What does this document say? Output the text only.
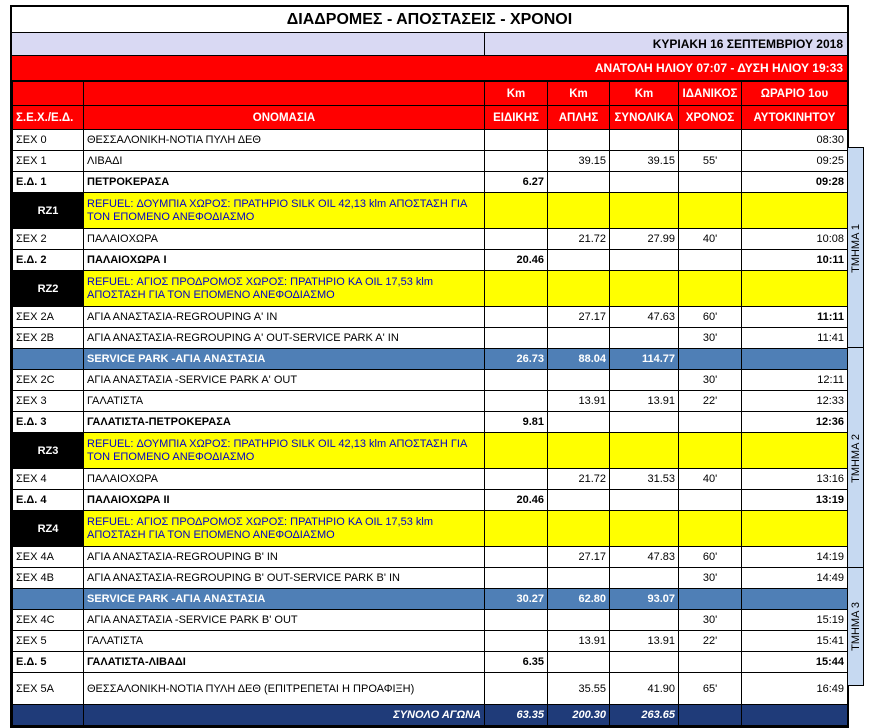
ΔΙΑΔΡΟΜΕΣ - ΑΠΟΣΤΑΣΕΙΣ - ΧΡΟΝΟΙ
ΚΥΡΙΑΚΗ 16 ΣΕΠΤΕΜΒΡΙΟΥ 2018
ΑΝΑΤΟΛΗ ΗΛΙΟΥ 07:07 - ΔΥΣΗ ΗΛΙΟΥ 19:33
		Km	Km	Km	ΙΔΑΝΙΚΟΣ	ΩΡΑΡΙΟ 1ου
Σ.Ε.Χ./Ε.Δ.	ΟΝΟΜΑΣΙΑ	ΕΙΔΙΚΗΣ	ΑΠΛΗΣ	ΣΥΝΟΛΙΚΑ	ΧΡΟΝΟΣ	ΑΥΤΟΚΙΝΗΤΟΥ
ΣΕΧ 0	ΘΕΣΣΑΛΟΝΙΚΗ-ΝΟΤΙΑ ΠΥΛΗ ΔΕΘ					08:30
ΣΕΧ 1	ΛΙΒΑΔΙ		39.15	39.15	55'	09:25
Ε.Δ. 1	ΠΕΤΡΟΚΕΡΑΣΑ	6.27				09:28
RZ1	REFUEL: ΔΟΥΜΠΙΑ ΧΩΡΟΣ: ΠΡΑΤΗΡΙΟ SILK OIL 42,13 klm ΑΠΟΣΤΑΣΗ ΓΙΑ ΤΟΝ ΕΠΟΜΕΝΟ ΑΝΕΦΟΔΙΑΣΜΟ					
ΣΕΧ 2	ΠΑΛΑΙΟΧΩΡΑ		21.72	27.99	40'	10:08
Ε.Δ. 2	ΠΑΛΑΙΟΧΩΡΑ Ι	20.46				10:11
RZ2	REFUEL: ΑΓΙΟΣ ΠΡΟΔΡΟΜΟΣ ΧΩΡΟΣ: ΠΡΑΤΗΡΙΟ ΚΑ OIL 17,53 klm ΑΠΟΣΤΑΣΗ ΓΙΑ ΤΟΝ ΕΠΟΜΕΝΟ ΑΝΕΦΟΔΙΑΣΜΟ					
ΣΕΧ 2Α	ΑΓΙΑ ΑΝΑΣΤΑΣΙΑ-REGROUPING A' IN		27.17	47.63	60'	11:11
ΣΕΧ 2Β	ΑΓΙΑ ΑΝΑΣΤΑΣΙΑ-REGROUPING A' OUT-SERVICE PARK A' IN				30'	11:41
	SERVICE PARK -ΑΓΙΑ ΑΝΑΣΤΑΣΙΑ	26.73	88.04	114.77		
ΣΕΧ 2C	ΑΓΙΑ ΑΝΑΣΤΑΣΙΑ -SERVICE PARK A' OUT				30'	12:11
ΣΕΧ 3	ΓΑΛΑΤΙΣΤΑ		13.91	13.91	22'	12:33
Ε.Δ. 3	ΓΑΛΑΤΙΣΤΑ-ΠΕΤΡΟΚΕΡΑΣΑ	9.81				12:36
RZ3	REFUEL: ΔΟΥΜΠΙΑ ΧΩΡΟΣ: ΠΡΑΤΗΡΙΟ SILK OIL 42,13 klm ΑΠΟΣΤΑΣΗ ΓΙΑ ΤΟΝ ΕΠΟΜΕΝΟ ΑΝΕΦΟΔΙΑΣΜΟ					
ΣΕΧ 4	ΠΑΛΑΙΟΧΩΡΑ		21.72	31.53	40'	13:16
Ε.Δ. 4	ΠΑΛΑΙΟΧΩΡΑ ΙΙ	20.46				13:19
RZ4	REFUEL: ΑΓΙΟΣ ΠΡΟΔΡΟΜΟΣ ΧΩΡΟΣ: ΠΡΑΤΗΡΙΟ ΚΑ OIL 17,53 klm ΑΠΟΣΤΑΣΗ ΓΙΑ ΤΟΝ ΕΠΟΜΕΝΟ ΑΝΕΦΟΔΙΑΣΜΟ					
ΣΕΧ 4Α	ΑΓΙΑ ΑΝΑΣΤΑΣΙΑ-REGROUPING B' IN		27.17	47.83	60'	14:19
ΣΕΧ 4Β	ΑΓΙΑ ΑΝΑΣΤΑΣΙΑ-REGROUPING B' OUT-SERVICE PARK B' IN				30'	14:49
	SERVICE PARK -ΑΓΙΑ ΑΝΑΣΤΑΣΙΑ	30.27	62.80	93.07		
ΣΕΧ 4C	ΑΓΙΑ ΑΝΑΣΤΑΣΙΑ -SERVICE PARK B' OUT				30'	15:19
ΣΕΧ 5	ΓΑΛΑΤΙΣΤΑ		13.91	13.91	22'	15:41
Ε.Δ. 5	ΓΑΛΑΤΙΣΤΑ-ΛΙΒΑΔΙ	6.35				15:44
ΣΕΧ 5Α	ΘΕΣΣΑΛΟΝΙΚΗ-ΝΟΤΙΑ ΠΥΛΗ ΔΕΘ (ΕΠΙΤΡΕΠΕΤΑΙ Η ΠΡΟΑΦΙΞΗ)		35.55	41.90	65'	16:49
	ΣΥΝΟΛΟ ΑΓΩΝΑ	63.35	200.30	263.65		
ΤΜΗΜΑ 1
ΤΜΗΜΑ 2
ΤΜΗΜΑ 3
